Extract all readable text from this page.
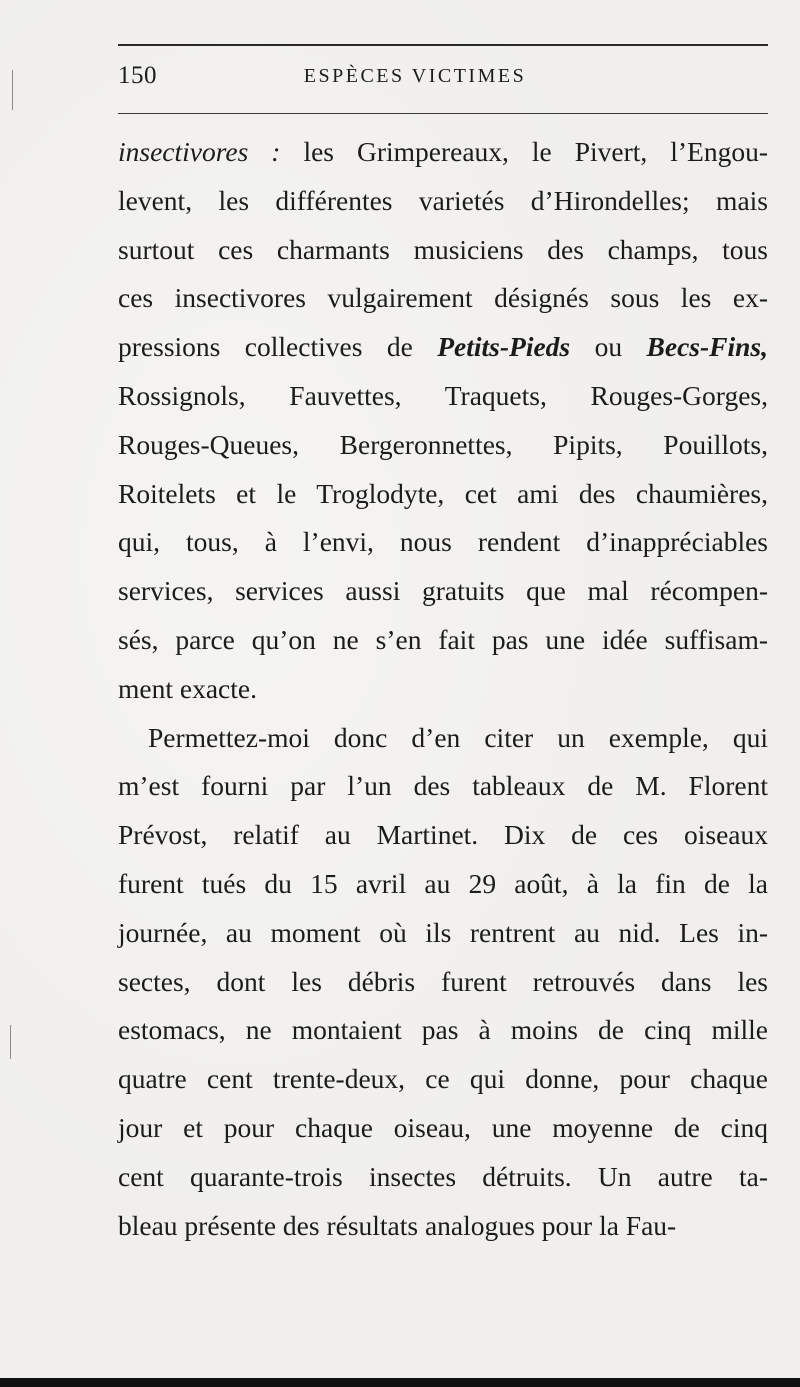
150	ESPÈCES VICTIMES
insectivores : les Grimpereaux, le Pivert, l’Engou-
levent, les différentes varietés d’Hirondelles; mais
surtout ces charmants musiciens des champs, tous
ces insectivores vulgairement désignés sous les ex-
pressions collectives de Petits-Pieds ou Becs-Fins,
Rossignols, Fauvettes, Traquets, Rouges-Gorges,
Rouges-Queues, Bergeronnettes, Pipits, Pouillots,
Roitelets et le Troglodyte, cet ami des chaumières,
qui, tous, à l’envi, nous rendent d’inappréciables
services, services aussi gratuits que mal récompen-
sés, parce qu’on ne s’en fait pas une idée suffisam-
ment exacte.
Permettez-moi donc d’en citer un exemple, qui
m’est fourni par l’un des tableaux de M. Florent
Prévost, relatif au Martinet. Dix de ces oiseaux
furent tués du 15 avril au 29 août, à la fin de la
journée, au moment où ils rentrent au nid. Les in-
sectes, dont les débris furent retrouvés dans les
estomacs, ne montaient pas à moins de cinq mille
quatre cent trente-deux, ce qui donne, pour chaque
jour et pour chaque oiseau, une moyenne de cinq
cent quarante-trois insectes détruits. Un autre ta-
bleau présente des résultats analogues pour la Fau-
